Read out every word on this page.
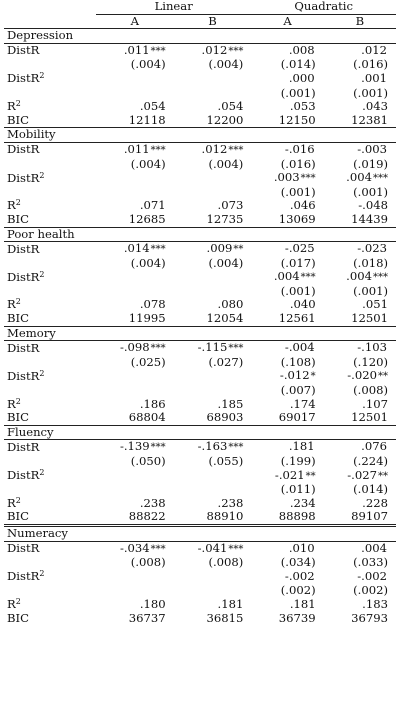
	Linear		Quadratic	
	A	B	A	B
Depression				
DistR	.011***	.012***	.008	.012
	(.004)	(.004)	(.014)	(.016)
DistR$^2$			.000	.001
			(.001)	(.001)
$R^2$	.054	.054	.053	.043
BIC	12118	12200	12150	12381
Mobility				
DistR	.011***	.012***	-.016	-.003
	(.004)	(.004)	(.016)	(.019)
DistR$^2$			.003***	.004***
			(.001)	(.001)
$R^2$	.071	.073	.046	-.048
BIC	12685	12735	13069	14439
Poor health				
DistR	.014***	.009**	-.025	-.023
	(.004)	(.004)	(.017)	(.018)
DistR$^2$			.004***	.004***
			(.001)	(.001)
$R^2$	.078	.080	.040	.051
BIC	11995	12054	12561	12501
Memory				
DistR	-.098***	-.115***	-.004	-.103
	(.025)	(.027)	(.108)	(.120)
DistR$^2$			-.012*	-.020**
			(.007)	(.008)
$R^2$	.186	.185	.174	.107
BIC	68804	68903	69017	12501
Fluency				
DistR	-.139***	-.163***	.181	.076
	(.050)	(.055)	(.199)	(.224)
DistR$^2$			-.021**	-.027**
			(.011)	(.014)
$R^2$	.238	.238	.234	.228
BIC	88822	88910	88898	89107
Numeracy				
DistR	-.034***	-.041***	.010	.004
	(.008)	(.008)	(.034)	(.033)
DistR$^2$			-.002	-.002
			(.002)	(.002)
$R^2$	.180	.181	.181	.183
BIC	36737	36815	36739	36793
